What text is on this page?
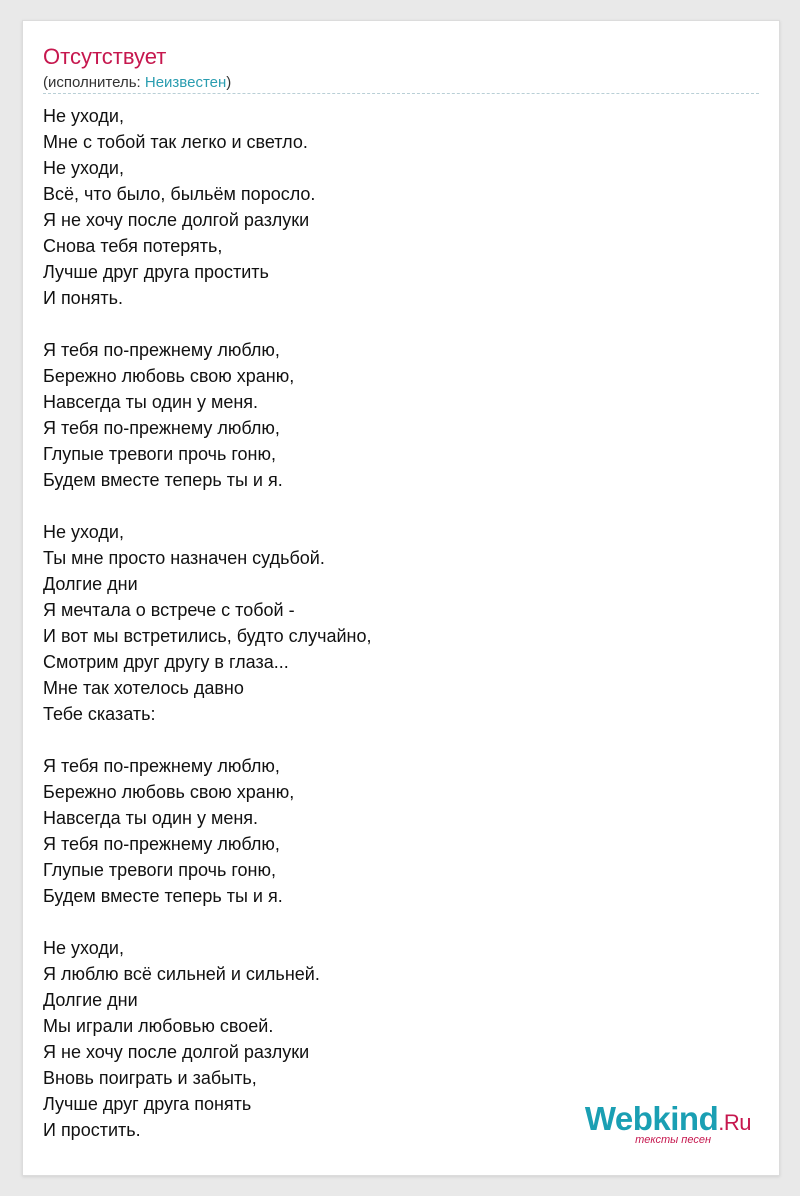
Отсутствует
(исполнитель: Неизвестен)
Не уходи,
Мне с тобой так легко и светло.
Не уходи,
Всё, что было, быльём поросло.
Я не хочу после долгой разлуки
Снова тебя потерять,
Лучше друг друга простить
И понять.
Я тебя по-прежнему люблю,
Бережно любовь свою храню,
Навсегда ты один у меня.
Я тебя по-прежнему люблю,
Глупые тревоги прочь гоню,
Будем вместе теперь ты и я.
Не уходи,
Ты мне просто назначен судьбой.
Долгие дни
Я мечтала о встрече с тобой -
И вот мы встретились, будто случайно,
Смотрим друг другу в глаза...
Мне так хотелось давно
Тебе сказать:
Я тебя по-прежнему люблю,
Бережно любовь свою храню,
Навсегда ты один у меня.
Я тебя по-прежнему люблю,
Глупые тревоги прочь гоню,
Будем вместе теперь ты и я.
Не уходи,
Я люблю всё сильней и сильней.
Долгие дни
Мы играли любовью своей.
Я не хочу после долгой разлуки
Вновь поиграть и забыть,
Лучше друг друга понять
И простить.	Webkind.Ru
тексты песен
